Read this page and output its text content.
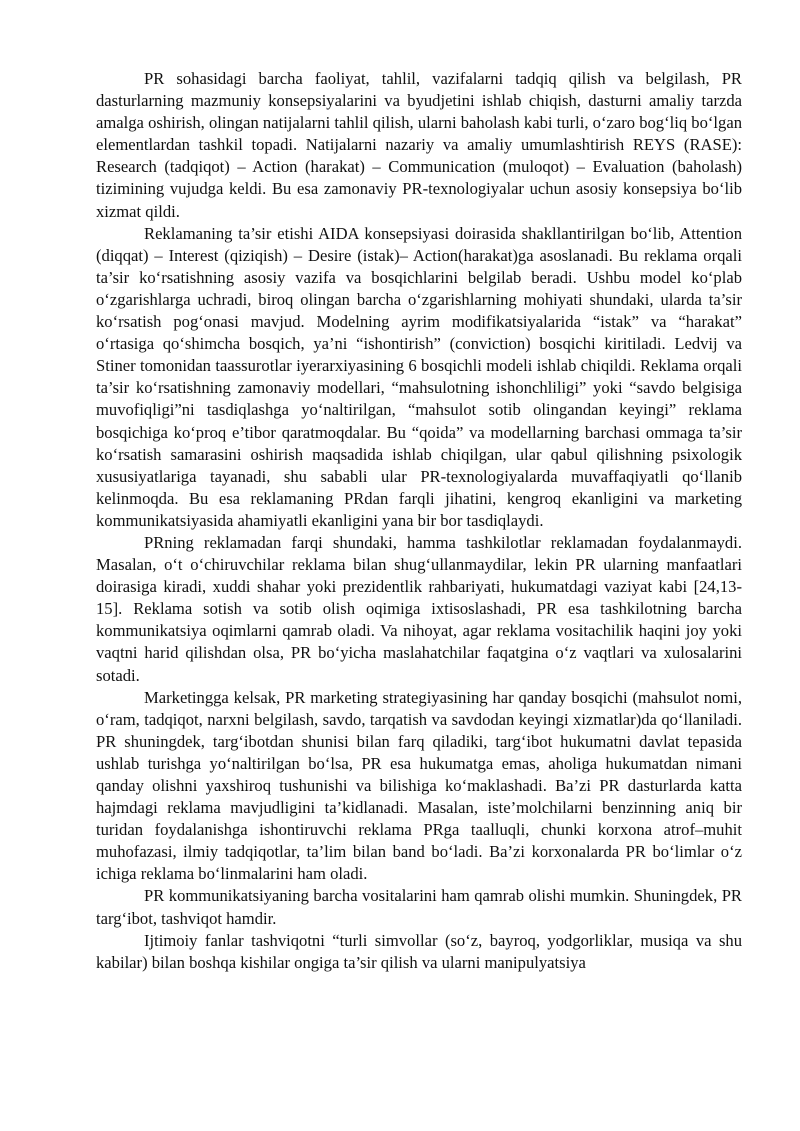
PR sohasidagi barcha faoliyat, tahlil, vazifalarni tadqiq qilish va belgilash, PR dasturlarning mazmuniy konsepsiyalarini va byudjetini ishlab chiqish, dasturni amaliy tarzda amalga oshirish, olingan natijalarni tahlil qilish, ularni baholash kabi turli, o‘zaro bog‘liq bo‘lgan elementlardan tashkil topadi. Natijalarni nazariy va amaliy umumlashtirish REYS (RASE): Research (tadqiqot) – Action (harakat) – Communication (muloqot) – Evaluation (baholash) tizimining vujudga keldi. Bu esa zamonaviy PR-texnologiyalar uchun asosiy konsepsiya bo‘lib xizmat qildi.

Reklamaning ta’sir etishi AIDA konsepsiyasi doirasida shakllantirilgan bo‘lib, Attention (diqqat) – Interest (qiziqish) – Desire (istak)– Action(harakat)ga asoslanadi. Bu reklama orqali ta’sir ko‘rsatishning asosiy vazifa va bosqichlarini belgilab beradi. Ushbu model ko‘plab o‘zgarishlarga uchradi, biroq olingan barcha o‘zgarishlarning mohiyati shundaki, ularda ta’sir ko‘rsatish pog‘onasi mavjud. Modelning ayrim modifikatsiyalarida “istak” va “harakat” o‘rtasiga qo‘shimcha bosqich, ya’ni “ishontirish” (conviction) bosqichi kiritiladi. Ledvij va Stiner tomonidan taassurotlar iyerarxiyasining 6 bosqichli modeli ishlab chiqildi. Reklama orqali ta’sir ko‘rsatishning zamonaviy modellari, “mahsulotning ishonchliligi” yoki “savdo belgisiga muvofiqligi”ni tasdiqlashga yo‘naltirilgan, “mahsulot sotib olingandan keyingi” reklama bosqichiga ko‘proq e’tibor qaratmoqdalar. Bu “qoida” va modellarning barchasi ommaga ta’sir ko‘rsatish samarasini oshirish maqsadida ishlab chiqilgan, ular qabul qilishning psixologik xususiyatlariga tayanadi, shu sababli ular PR-texnologiyalarda muvaffaqiyatli qo‘llanib kelinmoqda. Bu esa reklamaning PRdan farqli jihatini, kengroq ekanligini va marketing kommunikatsiyasida ahamiyatli ekanligini yana bir bor tasdiqlaydi.

PRning reklamadan farqi shundaki, hamma tashkilotlar reklamadan foydalanmaydi. Masalan, o‘t o‘chiruvchilar reklama bilan shug‘ullanmaydilar, lekin PR ularning manfaatlari doirasiga kiradi, xuddi shahar yoki prezidentlik rahbariyati, hukumatdagi vaziyat kabi [24,13-15]. Reklama sotish va sotib olish oqimiga ixtisoslashadi, PR esa tashkilotning barcha kommunikatsiya oqimlarni qamrab oladi. Va nihoyat, agar reklama vositachilik haqini joy yoki vaqtni harid qilishdan olsa, PR bo‘yicha maslahatchilar faqatgina o‘z vaqtlari va xulosalarini sotadi.

Marketingga kelsak, PR marketing strategiyasining har qanday bosqichi (mahsulot nomi, o‘ram, tadqiqot, narxni belgilash, savdo, tarqatish va savdodan keyingi xizmatlar)da qo‘llaniladi. PR shuningdek, targ‘ibotdan shunisi bilan farq qiladiki, targ‘ibot hukumatni davlat tepasida ushlab turishga yo‘naltirilgan bo‘lsa, PR esa hukumatga emas, aholiga hukumatdan nimani qanday olishni yaxshiroq tushunishi va bilishiga ko‘maklashadi. Ba’zi PR dasturlarda katta hajmdagi reklama mavjudligini ta’kidlanadi. Masalan, iste’molchilarni benzinning aniq bir turidan foydalanishga ishontiruvchi reklama PRga taalluqli, chunki korxona atrof–muhit muhofazasi, ilmiy tadqiqotlar, ta’lim bilan band bo‘ladi. Ba’zi korxonalarda PR bo‘limlar o‘z ichiga reklama bo‘linmalarini ham oladi.

PR kommunikatsiyaning barcha vositalarini ham qamrab olishi mumkin. Shuningdek, PR targ‘ibot, tashviqot hamdir.

Ijtimoiy fanlar tashviqotni “turli simvollar (so‘z, bayroq, yodgorliklar, musiqa va shu kabilar) bilan boshqa kishilar ongiga ta’sir qilish va ularni manipulyatsiya
